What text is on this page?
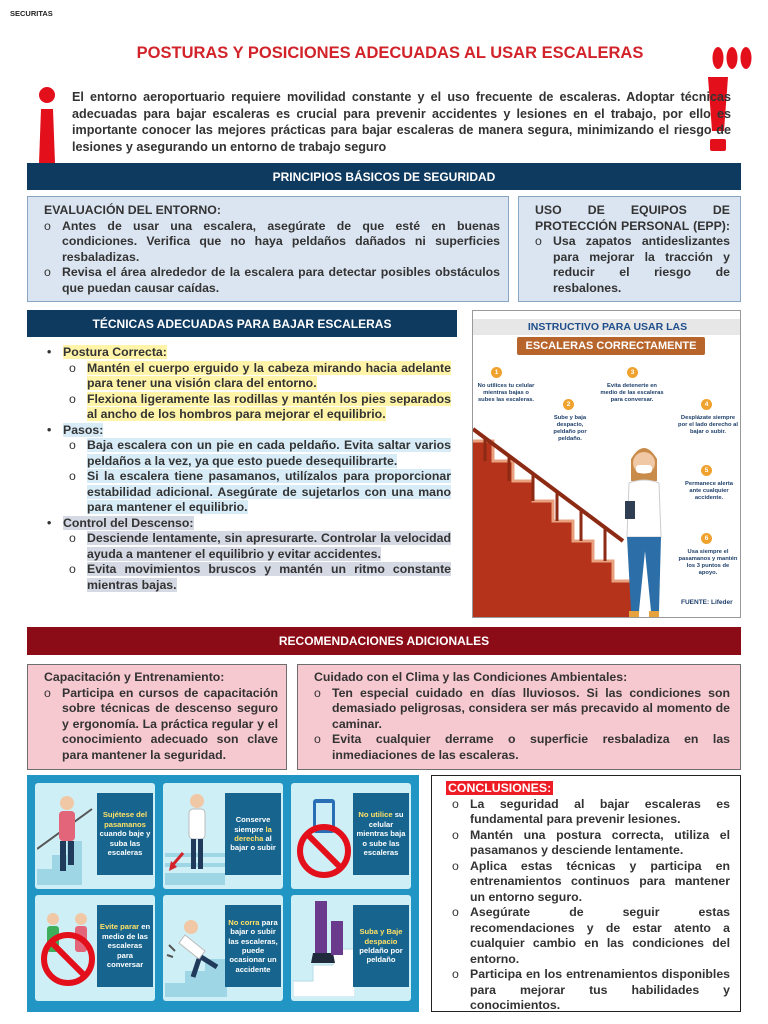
SECURITAS
POSTURAS Y POSICIONES ADECUADAS AL USAR ESCALERAS
El entorno aeroportuario requiere movilidad constante y el uso frecuente de escaleras. Adoptar técnicas adecuadas para bajar escaleras es crucial para prevenir accidentes y lesiones en el trabajo, por ello es importante conocer las mejores prácticas para bajar escaleras de manera segura, minimizando el riesgo de lesiones y asegurando un entorno de trabajo seguro
PRINCIPIOS BÁSICOS DE SEGURIDAD
EVALUACIÓN DEL ENTORNO:
o Antes de usar una escalera, asegúrate de que esté en buenas condiciones. Verifica que no haya peldaños dañados ni superficies resbaladizas.
o Revisa el área alrededor de la escalera para detectar posibles obstáculos que puedan causar caídas.
USO DE EQUIPOS DE PROTECCIÓN PERSONAL (EPP):
o Usa zapatos antideslizantes para mejorar la tracción y reducir el riesgo de resbalones.
TÉCNICAS ADECUADAS PARA BAJAR ESCALERAS
• Postura Correcta:
o Mantén el cuerpo erguido y la cabeza mirando hacia adelante para tener una visión clara del entorno.
o Flexiona ligeramente las rodillas y mantén los pies separados al ancho de los hombros para mejorar el equilibrio.
• Pasos:
o Baja escalera con un pie en cada peldaño. Evita saltar varios peldaños a la vez, ya que esto puede desequilibrarte.
o Si la escalera tiene pasamanos, utilízalos para proporcionar estabilidad adicional. Asegúrate de sujetarlos con una mano para mantener el equilibrio.
• Control del Descenso:
o Desciende lentamente, sin apresurarte. Controlar la velocidad ayuda a mantener el equilibrio y evitar accidentes.
o Evita movimientos bruscos y mantén un ritmo constante mientras bajas.
INSTRUCTIVO PARA USAR LAS
ESCALERAS CORRECTAMENTE
1
No utilices tu celular mientras bajas o subes las escaleras.
2
Sube y baja despacio, peldaño por peldaño.
3
Evita detenerte en medio de las escaleras para conversar.
4
Desplázate siempre por el lado derecho al bajar o subir.
5
Permanece alerta ante cualquier accidente.
6
Usa siempre el pasamanos y mantén los 3 puntos de apoyo.
FUENTE: Lifeder
RECOMENDACIONES ADICIONALES
Capacitación y Entrenamiento:
o Participa en cursos de capacitación sobre técnicas de descenso seguro y ergonomía. La práctica regular y el conocimiento adecuado son clave para mantener la seguridad.
Cuidado con el Clima y las Condiciones Ambientales:
o Ten especial cuidado en días lluviosos. Si las condiciones son demasiado peligrosas, considera ser más precavido al momento de caminar.
o Evita cualquier derrame o superficie resbaladiza en las inmediaciones de las escaleras.
Sujétese del pasamanos cuando baje y suba las escaleras
Conserve siempre la derecha al bajar o subir
No utilice su celular mientras baja o sube las escaleras
Evite parar en medio de las escaleras para conversar
No corra para bajar o subir las escaleras, puede ocasionar un accidente
Suba y Baje despacio peldaño por peldaño
CONCLUSIONES:
o La seguridad al bajar escaleras es fundamental para prevenir lesiones.
o Mantén una postura correcta, utiliza el pasamanos y desciende lentamente.
o Aplica estas técnicas y participa en entrenamientos continuos para mantener un entorno seguro.
o Asegúrate de seguir estas recomendaciones y de estar atento a cualquier cambio en las condiciones del entorno.
o Participa en los entrenamientos disponibles para mejorar tus habilidades y conocimientos.
